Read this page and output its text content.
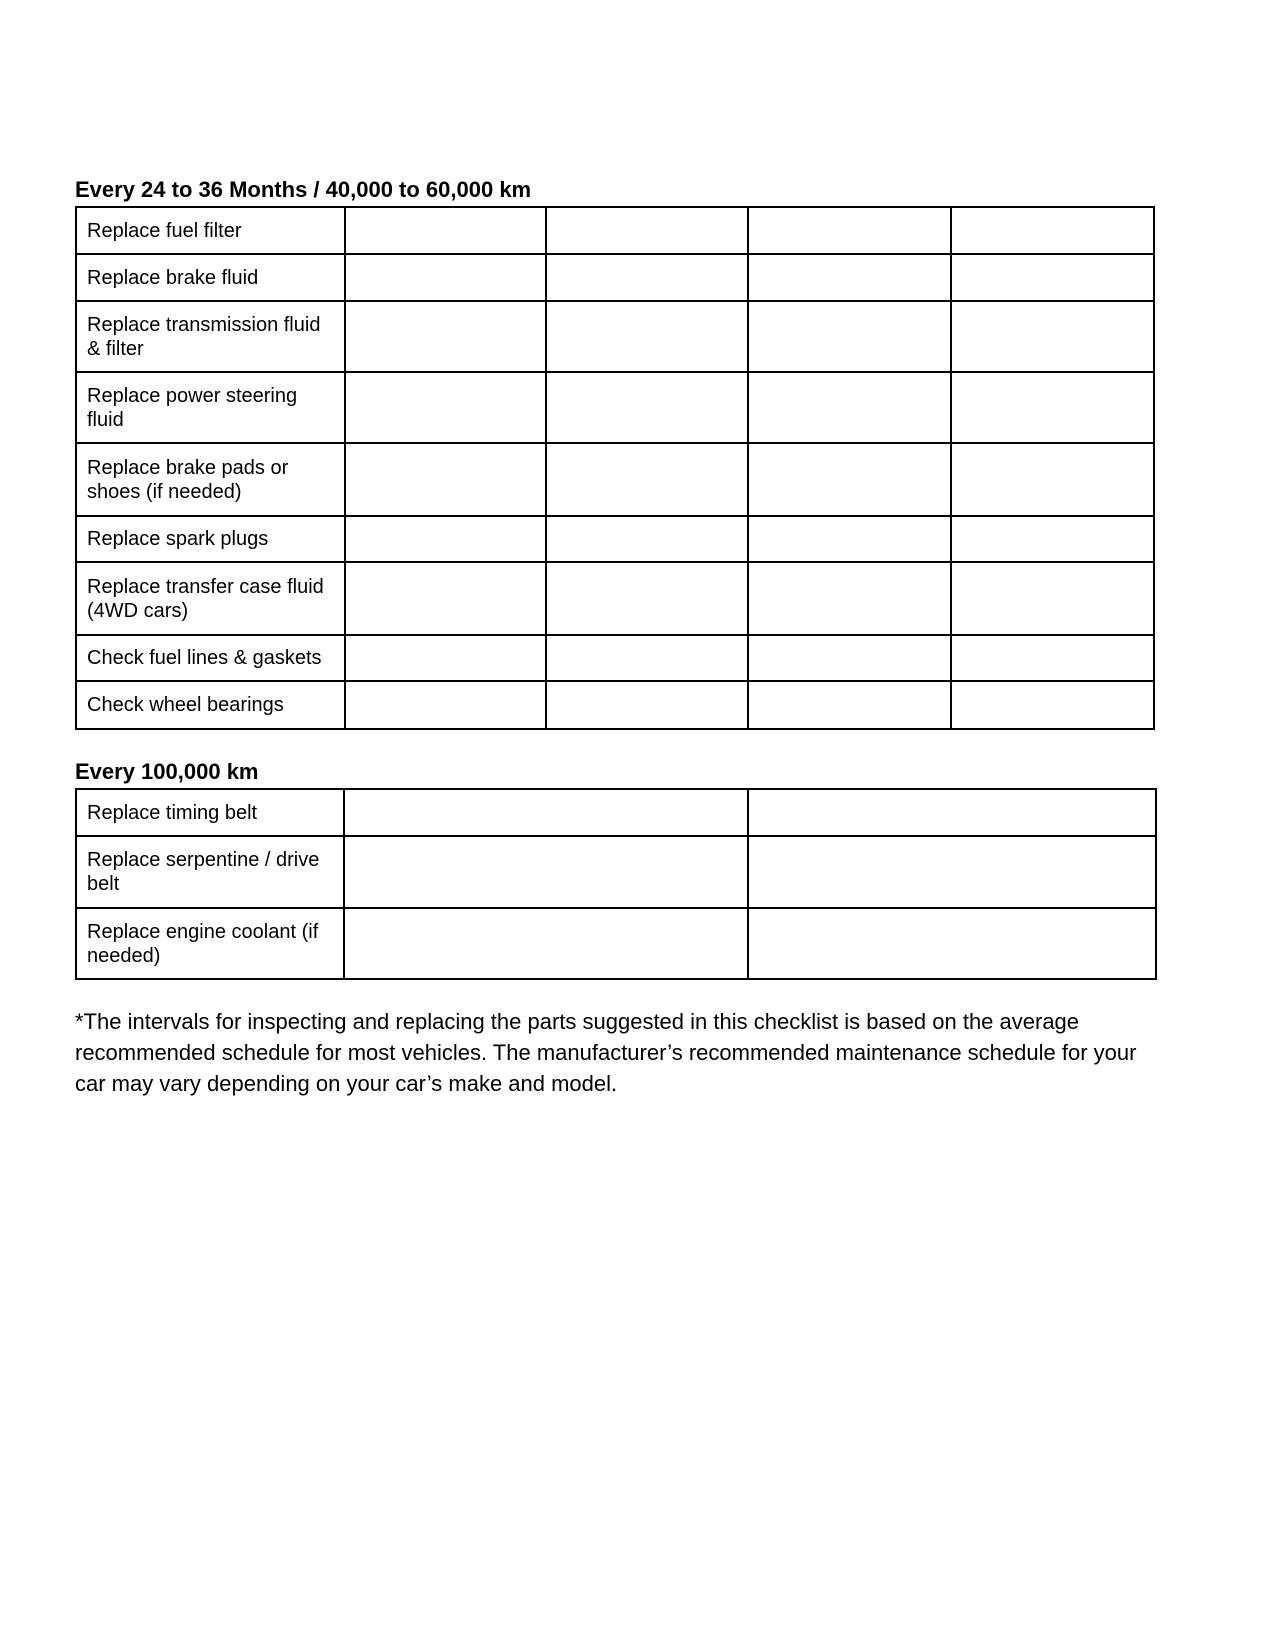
Every 24 to 36 Months / 40,000 to 60,000 km
Replace fuel filter				
Replace brake fluid				
Replace transmission fluid & filter				
Replace power steering fluid				
Replace brake pads or shoes (if needed)				
Replace spark plugs				
Replace transfer case fluid (4WD cars)				
Check fuel lines & gaskets				
Check wheel bearings				
Every 100,000 km
Replace timing belt		
Replace serpentine / drive belt		
Replace engine coolant (if needed)		

*The intervals for inspecting and replacing the parts suggested in this checklist is based on the average recommended schedule for most vehicles. The manufacturer’s recommended maintenance schedule for your car may vary depending on your car’s make and model.
